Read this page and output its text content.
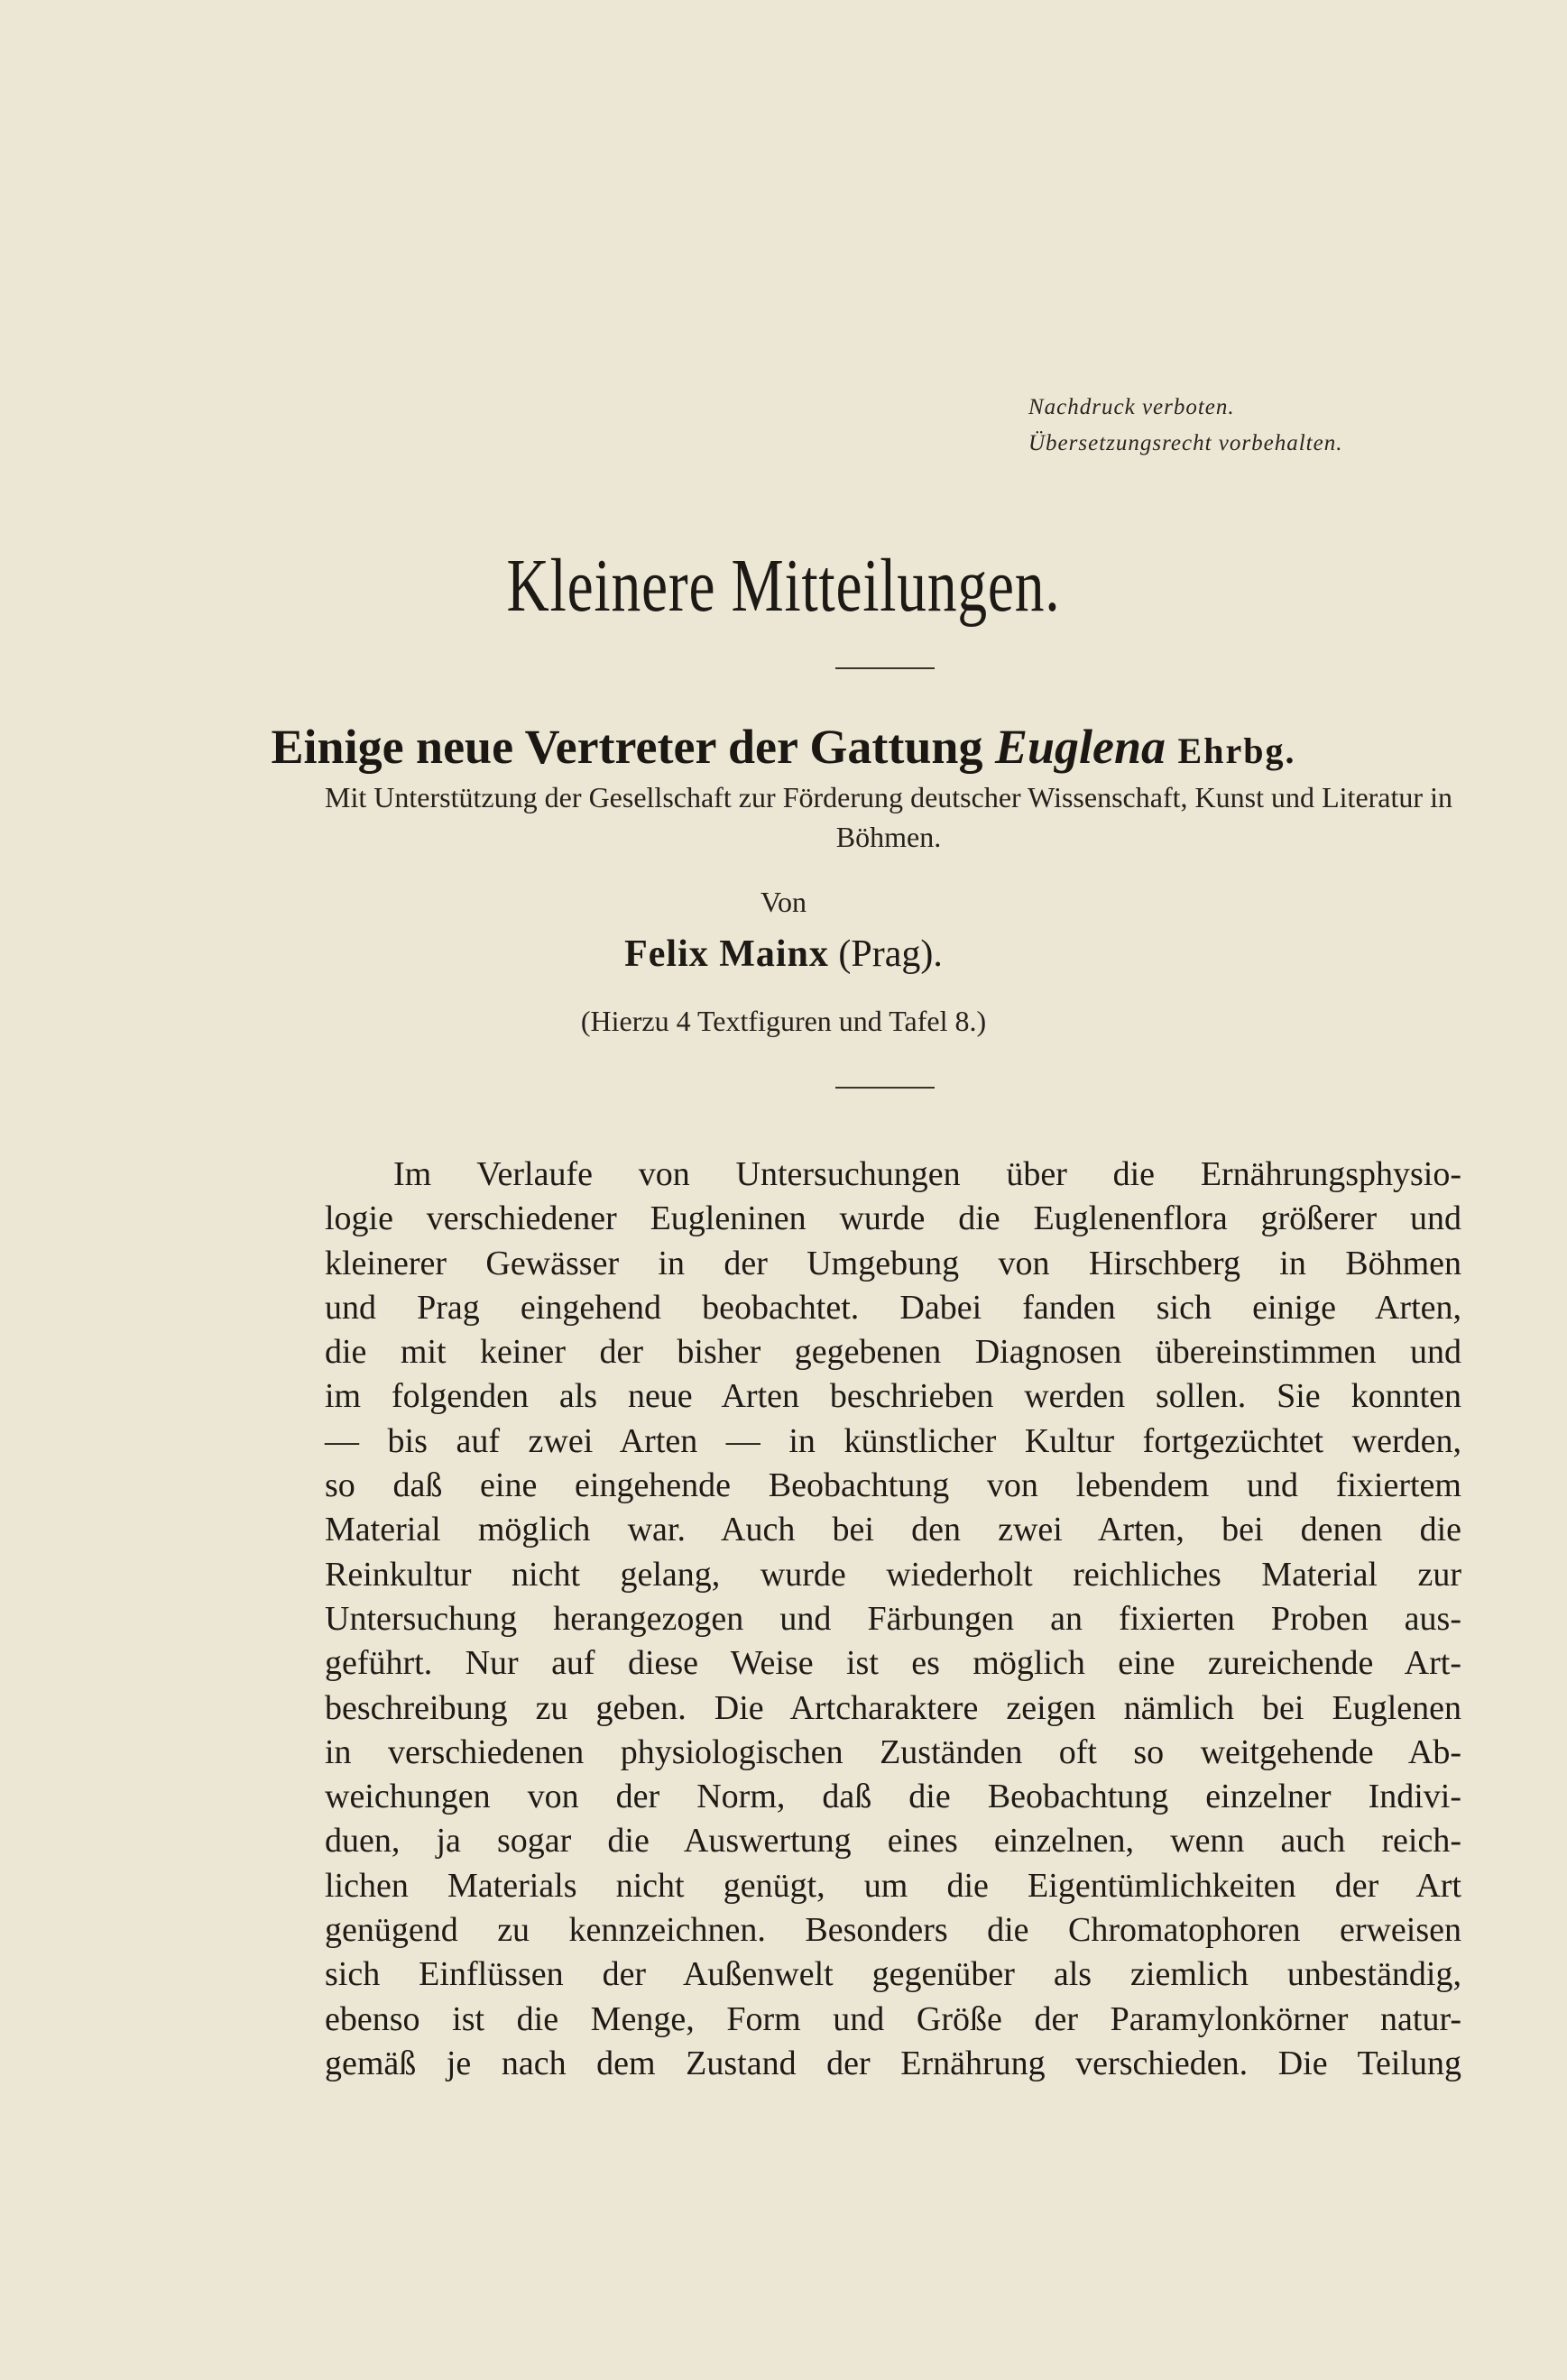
Nachdruck verboten.
Übersetzungsrecht vorbehalten.
Kleinere Mitteilungen.
Einige neue Vertreter der Gattung Euglena Ehrbg.
Mit Unterstützung der Gesellschaft zur Förderung deutscher Wissenschaft, Kunst und Literatur in Böhmen.
Von
Felix Mainx (Prag).
(Hierzu 4 Textfiguren und Tafel 8.)
Im Verlaufe von Untersuchungen über die Ernährungsphysio-
logie verschiedener Eugleninen wurde die Euglenenflora größerer und
kleinerer Gewässer in der Umgebung von Hirschberg in Böhmen
und Prag eingehend beobachtet. Dabei fanden sich einige Arten,
die mit keiner der bisher gegebenen Diagnosen übereinstimmen und
im folgenden als neue Arten beschrieben werden sollen. Sie konnten
— bis auf zwei Arten — in künstlicher Kultur fortgezüchtet werden,
so daß eine eingehende Beobachtung von lebendem und fixiertem
Material möglich war. Auch bei den zwei Arten, bei denen die
Reinkultur nicht gelang, wurde wiederholt reichliches Material zur
Untersuchung herangezogen und Färbungen an fixierten Proben aus-
geführt. Nur auf diese Weise ist es möglich eine zureichende Art-
beschreibung zu geben. Die Artcharaktere zeigen nämlich bei Euglenen
in verschiedenen physiologischen Zuständen oft so weitgehende Ab-
weichungen von der Norm, daß die Beobachtung einzelner Indivi-
duen, ja sogar die Auswertung eines einzelnen, wenn auch reich-
lichen Materials nicht genügt, um die Eigentümlichkeiten der Art
genügend zu kennzeichnen. Besonders die Chromatophoren erweisen
sich Einflüssen der Außenwelt gegenüber als ziemlich unbeständig,
ebenso ist die Menge, Form und Größe der Paramylonkörner natur-
gemäß je nach dem Zustand der Ernährung verschieden. Die Teilung
